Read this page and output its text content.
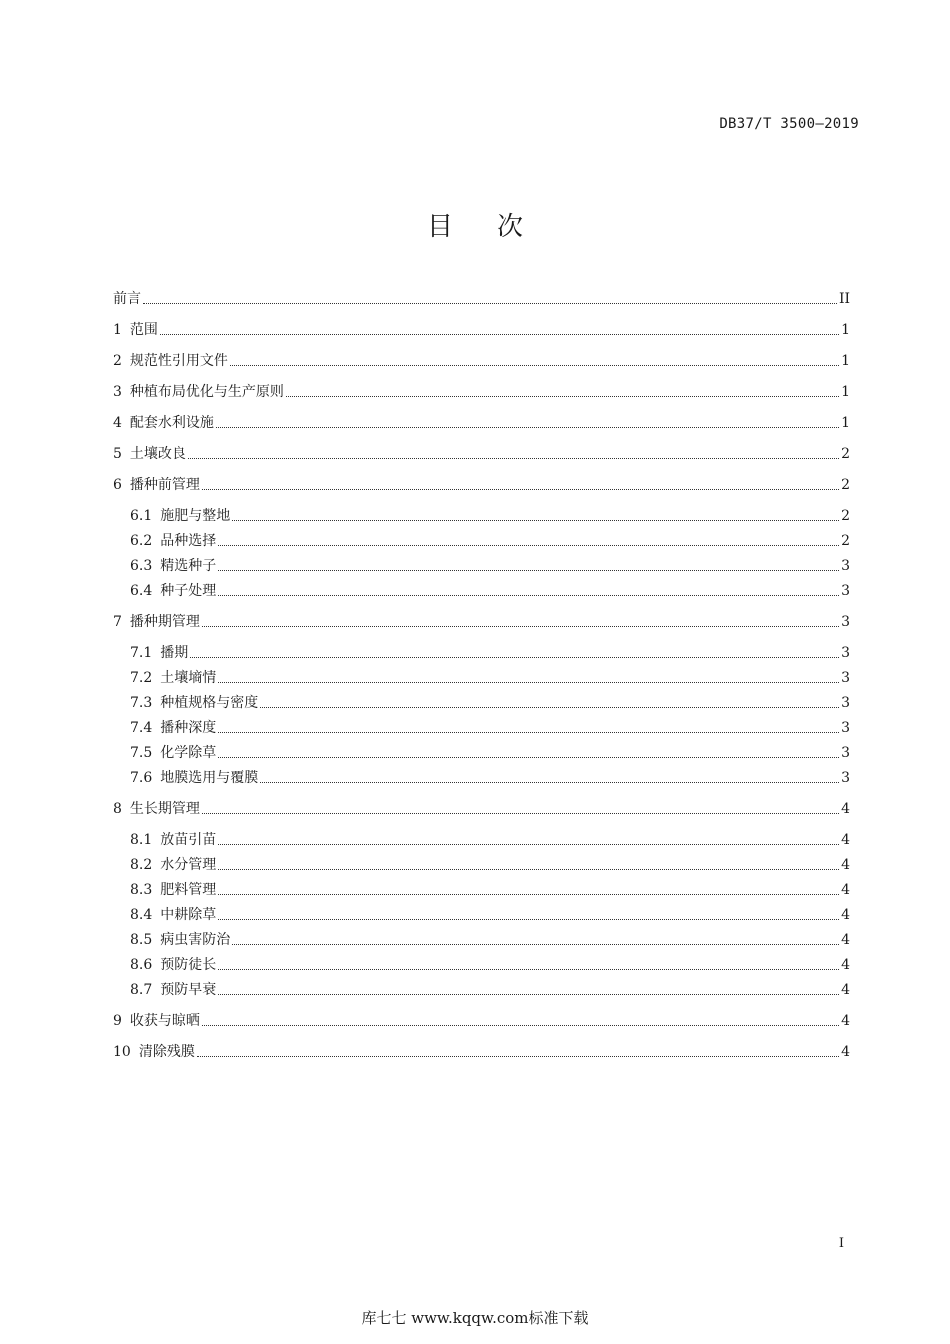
DB37/T 3500—2019
目次
前言	II
1 范围	1
2 规范性引用文件	1
3 种植布局优化与生产原则	1
4 配套水利设施	1
5 土壤改良	2
6 播种前管理	2
6.1 施肥与整地	2
6.2 品种选择	2
6.3 精选种子	3
6.4 种子处理	3
7 播种期管理	3
7.1 播期	3
7.2 土壤墒情	3
7.3 种植规格与密度	3
7.4 播种深度	3
7.5 化学除草	3
7.6 地膜选用与覆膜	3
8 生长期管理	4
8.1 放苗引苗	4
8.2 水分管理	4
8.3 肥料管理	4
8.4 中耕除草	4
8.5 病虫害防治	4
8.6 预防徒长	4
8.7 预防早衰	4
9 收获与晾晒	4
10 清除残膜	4
I
库七七 www.kqqw.com标准下载
